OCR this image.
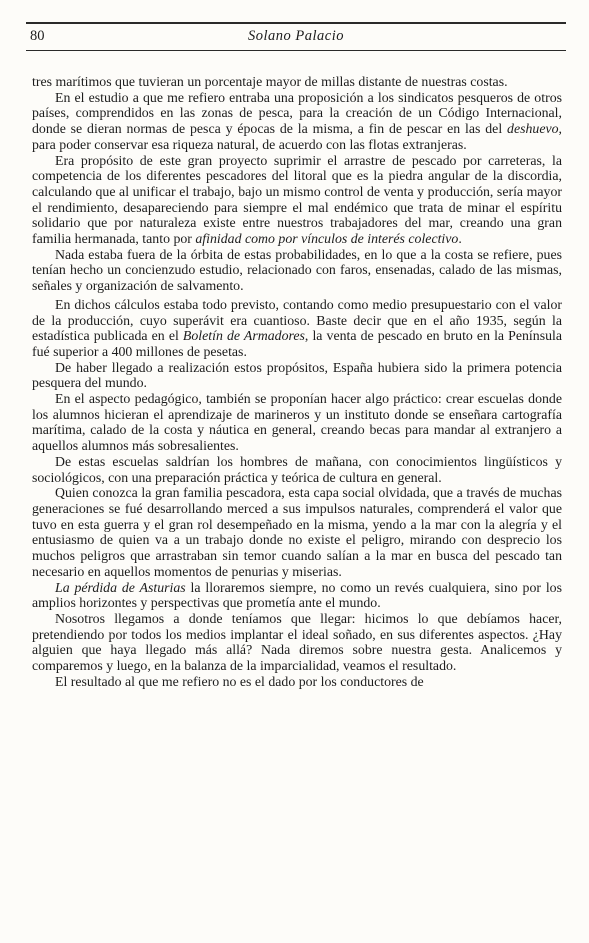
80	Solano Palacio

tres marítimos que tuvieran un porcentaje mayor de millas distante de nuestras costas.

En el estudio a que me refiero entraba una proposición a los sindicatos pesqueros de otros países, comprendidos en las zonas de pesca, para la creación de un Código Internacional, donde se dieran normas de pesca y épocas de la misma, a fin de pescar en las del deshuevo, para poder conservar esa riqueza natural, de acuerdo con las flotas extranjeras.

Era propósito de este gran proyecto suprimir el arrastre de pescado por carreteras, la competencia de los diferentes pescadores del litoral que es la piedra angular de la discordia, calculando que al unificar el trabajo, bajo un mismo control de venta y producción, sería mayor el rendimiento, desapareciendo para siempre el mal endémico que trata de minar el espíritu solidario que por naturaleza existe entre nuestros trabajadores del mar, creando una gran familia hermanada, tanto por afinidad como por vínculos de interés colectivo.

Nada estaba fuera de la órbita de estas probabilidades, en lo que a la costa se refiere, pues tenían hecho un concienzudo estudio, relacionado con faros, ensenadas, calado de las mismas, señales y organización de salvamento.

En dichos cálculos estaba todo previsto, contando como medio presupuestario con el valor de la producción, cuyo superávit era cuantioso. Baste decir que en el año 1935, según la estadística publicada en el Boletín de Armadores, la venta de pescado en bruto en la Península fué superior a 400 millones de pesetas.

De haber llegado a realización estos propósitos, España hubiera sido la primera potencia pesquera del mundo.

En el aspecto pedagógico, también se proponían hacer algo práctico: crear escuelas donde los alumnos hicieran el aprendizaje de marineros y un instituto donde se enseñara cartografía marítima, calado de la costa y náutica en general, creando becas para mandar al extranjero a aquellos alumnos más sobresalientes.

De estas escuelas saldrían los hombres de mañana, con conocimientos lingüísticos y sociológicos, con una preparación práctica y teórica de cultura en general.

Quien conozca la gran familia pescadora, esta capa social olvidada, que a través de muchas generaciones se fué desarrollando merced a sus impulsos naturales, comprenderá el valor que tuvo en esta guerra y el gran rol desempeñado en la misma, yendo a la mar con la alegría y el entusiasmo de quien va a un trabajo donde no existe el peligro, mirando con desprecio los muchos peligros que arrastraban sin temor cuando salían a la mar en busca del pescado tan necesario en aquellos momentos de penurias y miserias.

La pérdida de Asturias la lloraremos siempre, no como un revés cualquiera, sino por los amplios horizontes y perspectivas que prometía ante el mundo.

Nosotros llegamos a donde teníamos que llegar: hicimos lo que debíamos hacer, pretendiendo por todos los medios implantar el ideal soñado, en sus diferentes aspectos. ¿Hay alguien que haya llegado más allá? Nada diremos sobre nuestra gesta. Analicemos y comparemos y luego, en la balanza de la imparcialidad, veamos el resultado.

El resultado al que me refiero no es el dado por los conductores de
